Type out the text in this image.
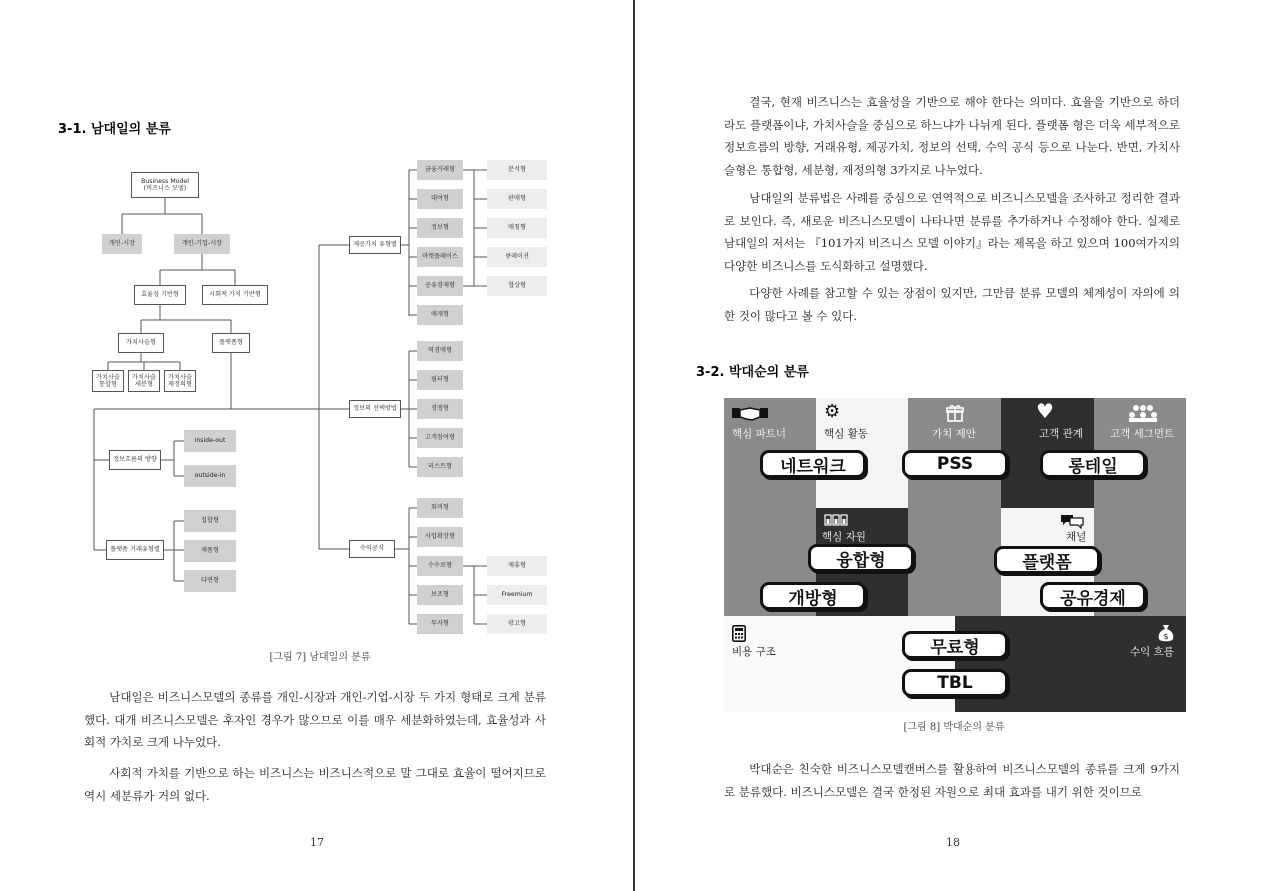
3-1. 남대일의 분류
Business Model
(비즈니스 모델)
개인-시장	개인-기업-시장
효율성 기반형	사회적 가치 기반형
가치사슬형	플랫폼형
가치사슬
통합형
가치사슬
세분형
가치사슬
재정의형
정보흐름의 방향
inside-out
outside-in
플랫폼 거래유형별
집합형
제품형
다면형
제공가치 유형별
정보의 선택방법
수익공식
금융거래형
대여형
정보형
마켓플레이스
공유경제형
매개형
분석형
판매형
매칭형
큐레이션
협상형
역경매형
필터형
경쟁형
고객참여형
리스트형
회비형
사업확장형
수수료형
보조형
투자형
제휴형
Freemium
광고형
[그림 7] 남대일의 분류

남대일은 비즈니스모델의 종류를 개인-시장과 개인-기업-시장 두 가지 형태로 크게 분류했다. 대개 비즈니스모델은 후자인 경우가 많으므로 이를 매우 세분화하였는데, 효율성과 사회적 가치로 크게 나누었다.

사회적 가치를 기반으로 하는 비즈니스는 비즈니스적으로 말 그대로 효율이 떨어지므로 역시 세분류가 거의 없다.

17

결국, 현재 비즈니스는 효율성을 기반으로 해야 한다는 의미다. 효율을 기반으로 하더라도 플랫폼이냐, 가치사슬을 중심으로 하느냐가 나뉘게 된다. 플랫폼 형은 더욱 세부적으로 정보흐름의 방향, 거래유형, 제공가치, 정보의 선택, 수익 공식 등으로 나눈다. 반면, 가치사슬형은 통합형, 세분형, 재정의형 3가지로 나누었다.

남대일의 분류법은 사례를 중심으로 연역적으로 비즈니스모델을 조사하고 정리한 결과로 보인다. 즉, 새로운 비즈니스모델이 나타나면 분류를 추가하거나 수정해야 한다. 실제로 남대일의 저서는 『101가지 비즈니스 모델 이야기』라는 제목을 하고 있으며 100여가지의 다양한 비즈니스를 도식화하고 설명했다.

다양한 사례를 참고할 수 있는 장점이 있지만, 그만큼 분류 모델의 체계성이 자의에 의한 것이 많다고 볼 수 있다.

3-2. 박대순의 분류
⚙	♥
$
핵심 파트너	핵심 활동	가치 제안	고객 관계	고객 세그먼트
핵심 자원	채널
비용 구조	수익 흐름
네트워크	PSS	롱테일
융합형	플랫폼
개방형	공유경제
무료형
TBL
[그림 8] 박대순의 분류

박대순은 친숙한 비즈니스모델캔버스를 활용하여 비즈니스모델의 종류를 크게 9가지로 분류했다. 비즈니스모델은 결국 한정된 자원으로 최대 효과를 내기 위한 것이므로

18
